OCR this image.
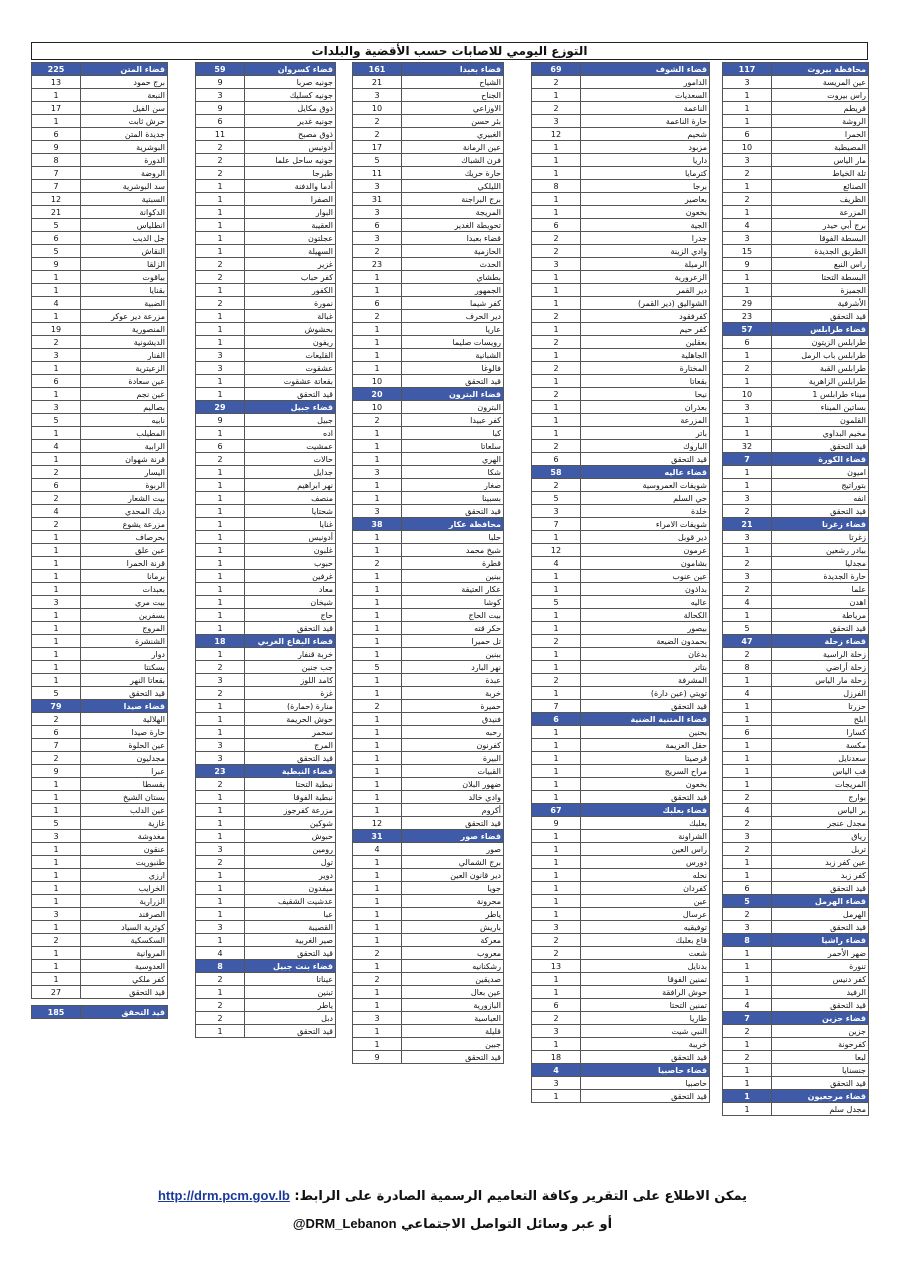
التوزع اليومي للاصابات حسب الأقضية والبلدات
117	محافظة بيروت
3	عين المريسة
1	راس بيروت
1	قريطم
1	الروشة
6	الحمرا
10	المصيطبة
3	مار الياس
2	تلة الخياط
1	الصنائع
2	الظريف
1	المزرعة
4	برج أبي حيدر
3	البسطة الفوقا
15	الطريق الجديدة
9	راس النبع
1	البسطة التحتا
1	الجميزة
29	الأشرفية
23	قيد التحقق
57	قضاء طرابلس
6	طرابلس الزيتون
1	طرابلس باب الرمل
2	طرابلس القبة
1	طرابلس الزاهرية
10	ميناء طرابلس 1
3	بساتين الميناء
1	القلمون
1	مخيم البداوي
32	قيد التحقق
7	قضاء الكورة
1	اميون
1	بتوراتيج
3	انفه
2	قيد التحقق
21	قضاء زغرتا
3	زغرتا
1	بيادر رشعين
2	مجدليا
3	حارة الجديدة
2	علما
4	اهدن
1	مرياطة
5	قيد التحقق
47	قضاء زحلة
2	زحلة الراسية
8	زحلة أراضي
1	زحلة مار الياس
4	الفرزل
1	حزرتا
1	ابلح
6	كسارا
1	مكسة
1	سعدنايل
1	قب الياس
1	المريجات
2	بوارج
4	بر الياس
2	مجدل عنجر
3	رياق
2	تربل
1	عين كفر زبد
1	كفر زبد
6	قيد التحقق
5	قضاء الهرمل
2	الهرمل
3	قيد التحقق
8	قضاء راشيا
1	ضهر الأحمر
1	تنورة
1	كفر دنيس
1	الرفيد
4	قيد التحقق
7	قضاء جزين
2	جزين
1	كفرحونة
2	لبعا
1	جنسنايا
1	قيد التحقق
1	قضاء مرجعيون
1	مجدل سلم
69	قضاء الشوف
2	الدامور
1	السعديات
2	الناعمة
3	حارة الناعمة
12	شحيم
1	مزبود
1	داريا
1	كترمايا
8	برجا
1	بعاصير
1	بخعون
6	الجية
2	جدرا
2	وادي الزينة
3	الرميلة
1	الزعرورية
1	دير القمر
1	الشواليق (دير القمر)
2	كفرفقود
1	كفر حيم
2	بعقلين
1	الجاهلية
2	المختارة
1	بقعاتا
2	نيحا
1	بعذران
1	المزرعة
1	باتر
2	الباروك
6	قيد التحقق
58	قضاء عاليه
2	شويفات العمروسية
5	حي السلم
3	خلدة
7	شويفات الامراء
1	دير قوبل
12	عرمون
4	بشامون
1	عين عنوب
1	بداذون
5	عاليه
1	الكحالة
1	بيصور
2	بحمدون الضيعة
1	بدغان
1	بتاتر
2	المشرفة
1	تويتي (عين دارة)
7	قيد التحقق
6	قضاء المتنية الضنية
1	بحنين
1	حقل العزيمة
1	قرصيتا
1	مراح السريج
1	بخعون
1	قيد التحقق
67	قضاء بعلبك
9	بعلبك
1	الشراونة
1	راس العين
1	دورس
1	نحله
1	كفردان
1	عين
1	عرسال
3	توفيقيه
2	قاع بعلبك
2	شعت
13	بدنايل
1	تمنين الفوقا
1	حوش الرافقة
6	تمنين التحتا
2	طاريا
3	النبي شيت
1	خريبة
18	قيد التحقق
4	قضاء حاصبيا
3	حاصبيا
1	قيد التحقق
161	قضاء بعبدا
21	الشياح
3	الجناح
10	الاوزاعي
2	بئر حسن
2	الغبيري
17	عين الرمانة
5	فرن الشباك
11	حارة حريك
3	الليلكي
31	برج البراجنة
3	المريجة
6	تحويطة الغدير
3	قضاء بعبدا
2	الحازمية
23	الحدث
1	بطشاي
1	الجمهور
6	كفر شيما
2	دير الحرف
1	عاريا
1	رويسات صليما
1	الشبانية
1	فالوغا
10	قيد التحقق
20	قضاء البترون
10	البترون
2	كفر عبيدا
1	كبا
1	سلعاتا
1	الهري
3	شكا
1	صغار
1	بسبينا
3	قيد التحقق
38	محافظة عكار
1	حلبا
1	شيخ محمد
2	قطرة
1	ببنين
1	عكار العتيقة
1	كوشا
1	بيت الحاج
1	حكر قته
1	تل حميرا
1	ببنين
5	نهر البارد
1	عبدة
1	خربة
2	حميرة
1	فنيدق
1	رحبه
1	كفرنون
1	البيرة
1	القبيات
1	ضهور البلان
1	وادي خالد
1	أكروم
12	قيد التحقق
31	قضاء صور
4	صور
1	برج الشمالي
1	دير قانون العين
1	جويا
1	محرونة
1	ياطر
1	باريش
1	معركة
2	معروب
1	رشكنانيه
2	صديقين
1	عين بعال
1	البازورية
3	العباسية
1	قليلة
1	جبين
9	قيد التحقق
59	قضاء كسروان
9	جونيه صربا
3	جونيه كسليك
9	ذوق مكايل
6	جونيه غدير
11	ذوق مصبح
2	أدونيس
2	جونيه ساحل علما
2	طبرجا
1	أدما والدفنة
1	الصفرا
1	البوار
1	العقيبة
1	عجلتون
1	السهيلة
2	غزير
2	كفر حباب
1	الكفور
2	نمورة
1	غبالة
1	بحشوش
1	ريفون
3	القليعات
3	عشقوت
1	بقعاتة عشقوت
1	قيد التحقق
29	قضاء جبيل
9	جبيل
1	اده
6	عمشيت
2	حالات
1	جدايل
1	نهر ابراهيم
1	منصف
1	شحتايا
1	غنايا
1	أدونيس
1	غلبون
1	حبوب
1	غرفين
1	معاد
1	شيخان
1	حاج
1	قيد التحقق
18	قضاء البقاع الغربي
1	خربة قنفار
2	جب جنين
3	كامد اللوز
2	غزة
1	منارة (حمارة)
1	حوش الحريمة
1	سحمر
3	المرج
3	قيد التحقق
23	قضاء النبطية
2	نبطية التحتا
1	نبطية الفوقا
1	مزرعة كفرجوز
1	شوكين
1	حبوش
3	رومين
2	تول
1	دوير
1	ميفدون
1	عدشيت الشقيف
1	عبا
3	القصيبة
1	صير الغربية
4	قيد التحقق
8	قضاء بنت جبيل
2	عيناتا
1	تبنين
2	ياطر
2	دبل
1	قيد التحقق
225	قضاء المتن
13	برج حمود
1	النبعة
17	سن الفيل
1	حرش ثابت
6	جديدة المتن
9	البوشرية
8	الدورة
7	الروضة
7	سد البوشرية
12	السبتية
21	الدكوانة
5	انطلياس
6	جل الديب
5	النقاش
9	الزلقا
1	بياقوت
1	بقنايا
4	الضبية
1	مزرعة دير عوكر
19	المنصورية
2	الديشونية
3	الفنار
1	الزعيترية
6	عين سعادة
1	عين نجم
3	بصاليم
5	نابيه
1	المطيلب
4	الرابية
1	قرنة شهوان
2	اليسار
6	الربوة
2	بيت الشعار
4	ديك المحدي
2	مزرعة يشوع
1	بحرصاف
1	عين علق
1	قرنة الحمرا
1	برمانا
1	بعبدات
3	بيت مري
1	بسفرين
1	المروج
1	الشنشرة
1	دوار
1	بسكنتا
1	بقعاتا النهر
5	قيد التحقق
79	قضاء صيدا
2	الهلالية
6	حارة صيدا
7	عين الحلوة
2	مجدليون
9	عبرا
1	بقسطا
1	بستان الشيخ
1	عين الدلب
5	غازية
3	مغدوشة
1	عنقون
1	طنبوريت
1	ارزي
1	الخرايب
1	الزرارية
3	الصرفند
1	كوثرية السياد
2	السكسكية
1	المروانية
1	العدوسية
1	كفر ملكي
27	قيد التحقق

185	قيد التحقق
http://drm.pcm.gov.lb يمكن الاطلاع على التقرير وكافة التعاميم الرسمية الصادرة على الرابط:
@DRM_Lebanon أو عبر وسائل التواصل الاجتماعي
